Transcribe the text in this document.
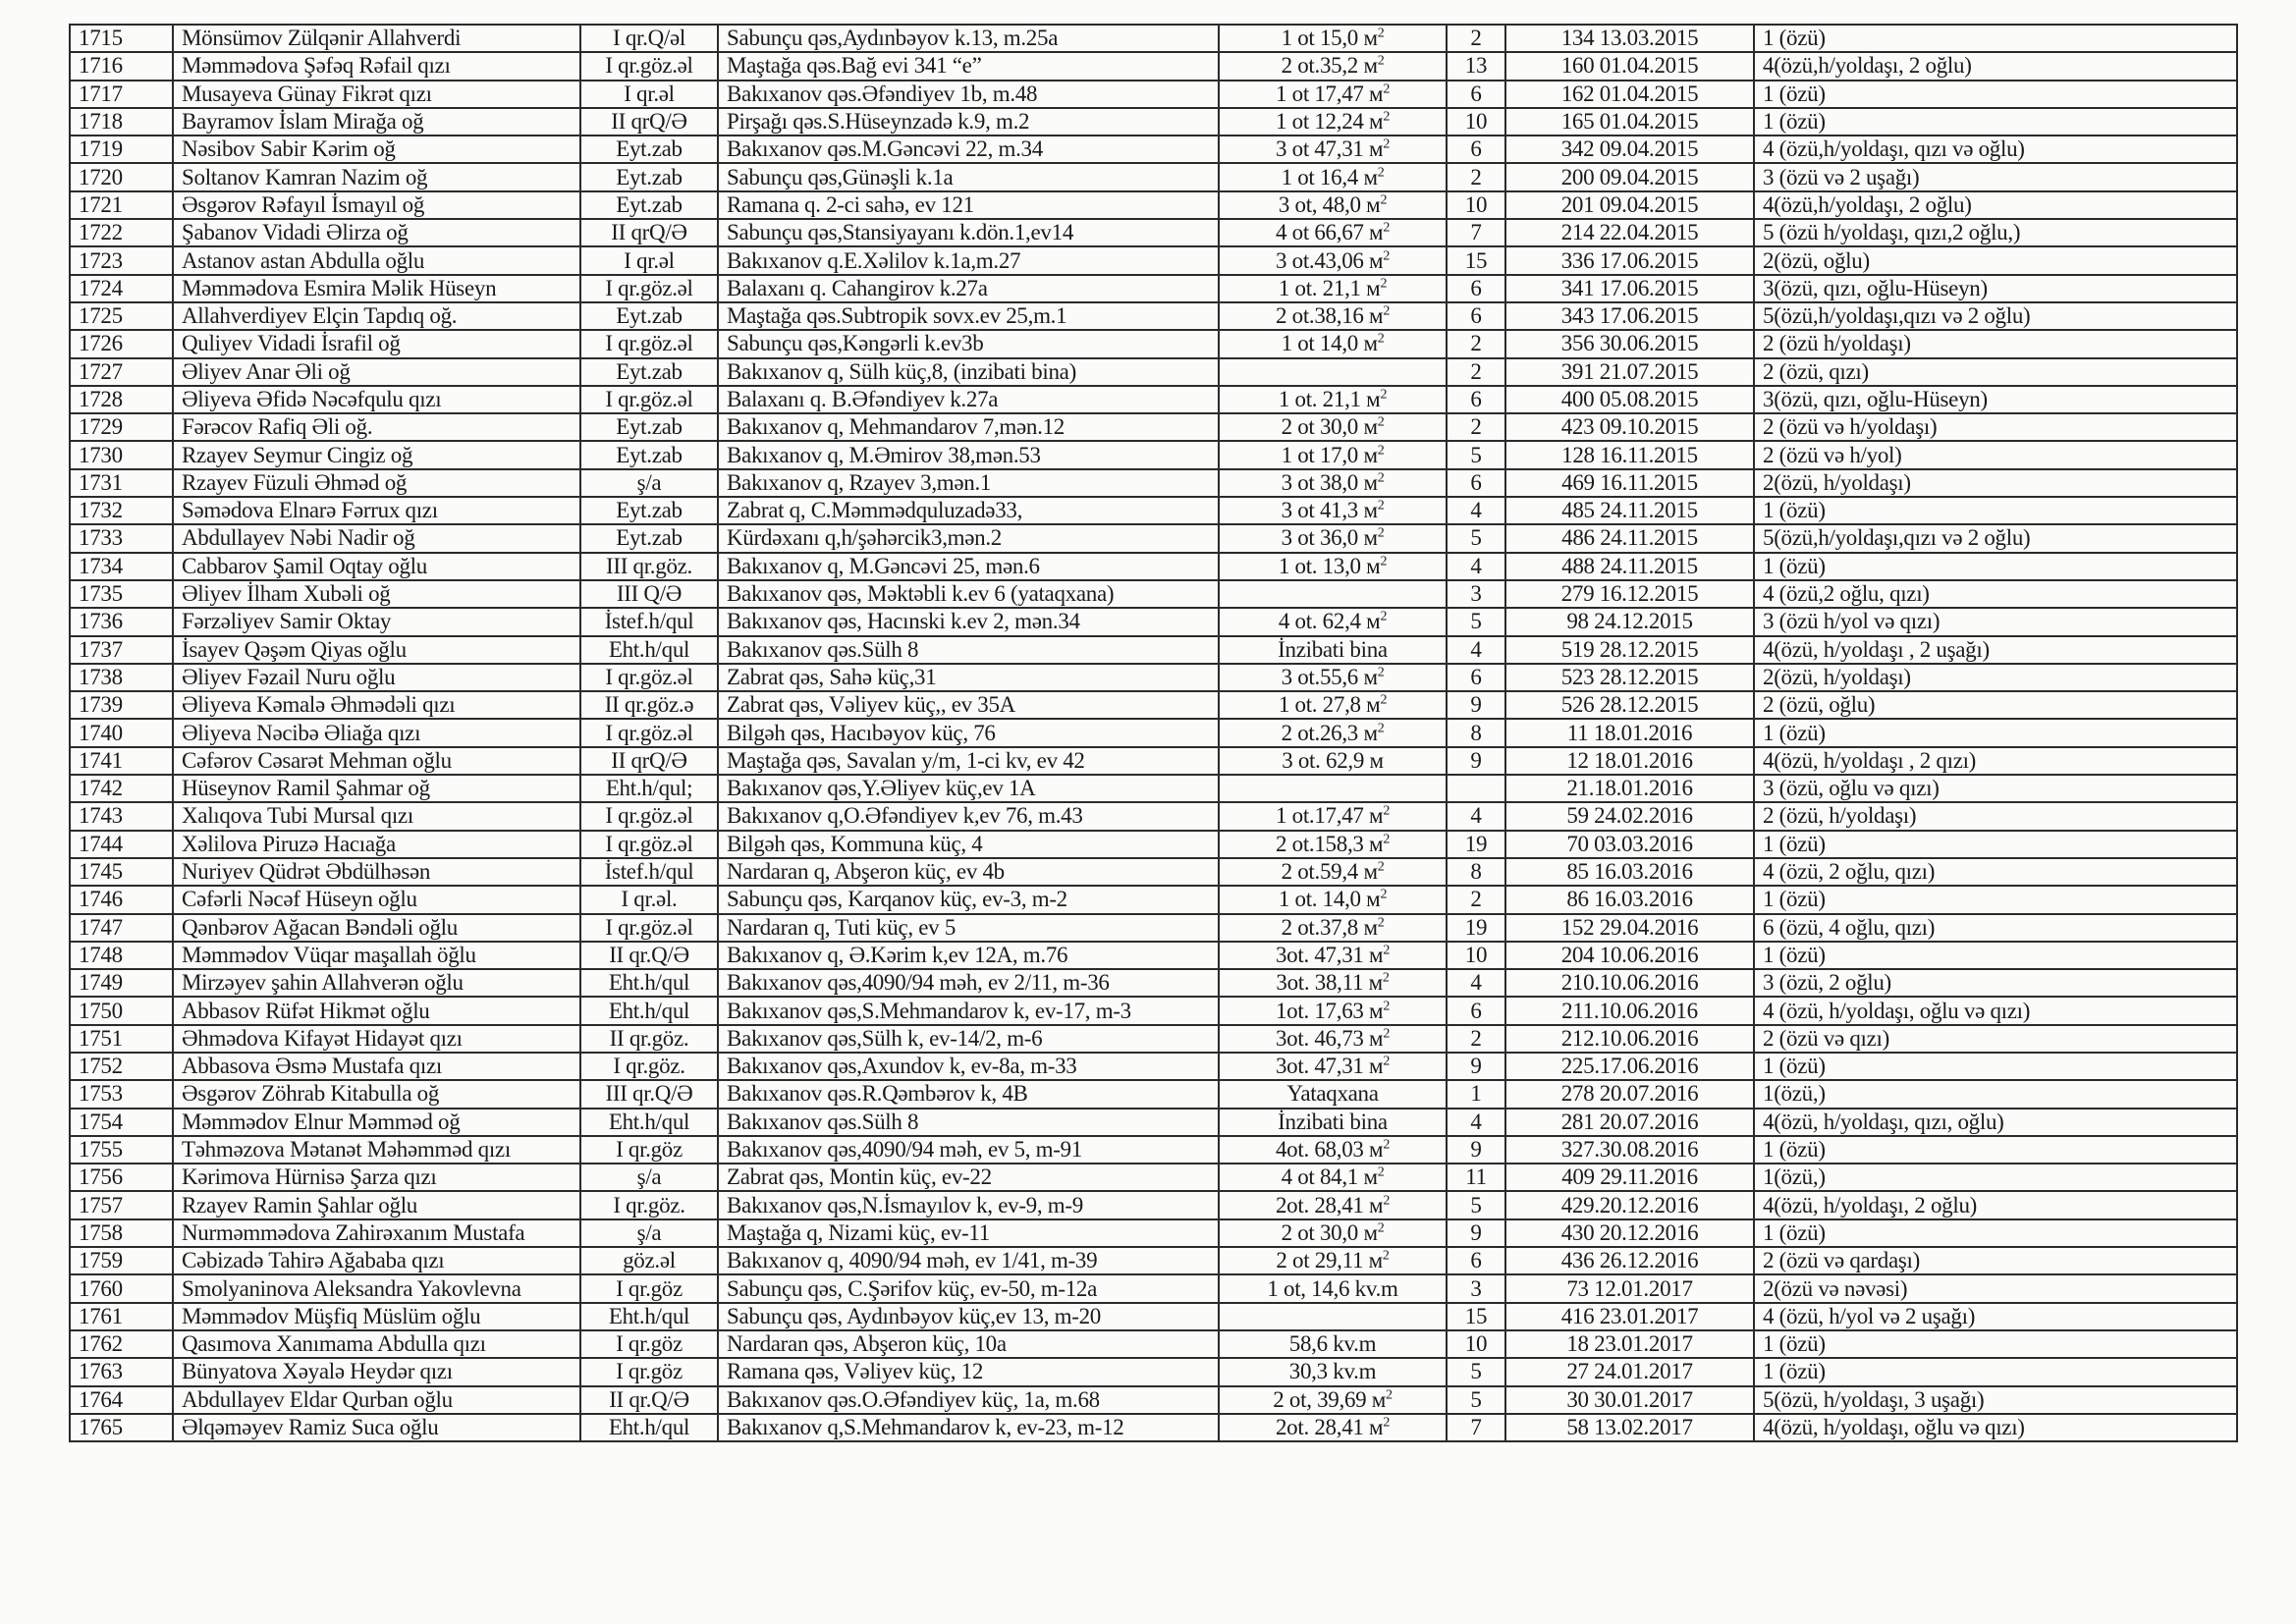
1715	Mönsümov Zülqənir Allahverdi	I qr.Q/əl	Sabunçu qəs,Aydınbəyov k.13, m.25a	1 ot 15,0 $м^2$	2	134 13.03.2015	1 (özü)
1716	Məmmədova Şəfəq Rəfail qızı	I qr.göz.əl	Maştağa qəs.Bağ evi 341 “e”	2 ot.35,2 $м^2$	13	160 01.04.2015	4(özü,h/yoldaşı, 2 oğlu)
1717	Musayeva Günay Fikrət qızı	I qr.əl	Bakıxanov qəs.Əfəndiyev 1b, m.48	1 ot 17,47 $м^2$	6	162 01.04.2015	1 (özü)
1718	Bayramov İslam Mirağa oğ	II qrQ/Ə	Pirşağı qəs.S.Hüseynzadə k.9, m.2	1 ot 12,24 $м^2$	10	165 01.04.2015	1 (özü)
1719	Nəsibov Sabir Kərim oğ	Eyt.zab	Bakıxanov qəs.M.Gəncəvi 22, m.34	3 ot 47,31 $м^2$	6	342 09.04.2015	4 (özü,h/yoldaşı, qızı və oğlu)
1720	Soltanov Kamran Nazim oğ	Eyt.zab	Sabunçu qəs,Günəşli k.1a	1 ot 16,4 $м^2$	2	200 09.04.2015	3 (özü və 2 uşağı)
1721	Əsgərov Rəfayıl İsmayıl oğ	Eyt.zab	Ramana q. 2-ci sahə, ev 121	3 ot, 48,0 $м^2$	10	201 09.04.2015	4(özü,h/yoldaşı, 2 oğlu)
1722	Şabanov Vidadi Əlirza oğ	II qrQ/Ə	Sabunçu qəs,Stansiyayanı k.dön.1,ev14	4 ot 66,67 $м^2$	7	214 22.04.2015	5 (özü h/yoldaşı, qızı,2 oğlu,)
1723	Astanov astan Abdulla oğlu	I qr.əl	Bakıxanov q.E.Xəlilov k.1a,m.27	3 ot.43,06 $м^2$	15	336 17.06.2015	2(özü, oğlu)
1724	Məmmədova Esmira Məlik Hüseyn	I qr.göz.əl	Balaxanı q. Cahangirov k.27a	1 ot. 21,1 $м^2$	6	341 17.06.2015	3(özü, qızı, oğlu-Hüseyn)
1725	Allahverdiyev Elçin Tapdıq oğ.	Eyt.zab	Maştağa qəs.Subtropik sovx.ev 25,m.1	2 ot.38,16 $м^2$	6	343 17.06.2015	5(özü,h/yoldaşı,qızı və 2 oğlu)
1726	Quliyev Vidadi İsrafil oğ	I qr.göz.əl	Sabunçu qəs,Kəngərli k.ev3b	1 ot 14,0 $м^2$	2	356 30.06.2015	2 (özü h/yoldaşı)
1727	Əliyev Anar Əli oğ	Eyt.zab	Bakıxanov q, Sülh küç,8, (inzibati bina)		2	391 21.07.2015	2 (özü, qızı)
1728	Əliyeva Əfidə Nəcəfqulu qızı	I qr.göz.əl	Balaxanı q. B.Əfəndiyev k.27a	1 ot. 21,1 $м^2$	6	400 05.08.2015	3(özü, qızı, oğlu-Hüseyn)
1729	Fərəcov Rafiq Əli oğ.	Eyt.zab	Bakıxanov q, Mehmandarov 7,mən.12	2 ot 30,0 $м^2$	2	423 09.10.2015	2 (özü və h/yoldaşı)
1730	Rzayev Seymur Cingiz oğ	Eyt.zab	Bakıxanov q, M.Əmirov 38,mən.53	1 ot 17,0 $м^2$	5	128 16.11.2015	2 (özü və h/yol)
1731	Rzayev Füzuli Əhməd oğ	ş/a	Bakıxanov q, Rzayev 3,mən.1	3 ot 38,0 $м^2$	6	469 16.11.2015	2(özü, h/yoldaşı)
1732	Səmədova Elnarə Fərrux qızı	Eyt.zab	Zabrat q, C.Məmmədquluzadə33,	3 ot 41,3 $м^2$	4	485 24.11.2015	1 (özü)
1733	Abdullayev Nəbi Nadir oğ	Eyt.zab	Kürdəxanı q,h/şəhərcik3,mən.2	3 ot 36,0 $м^2$	5	486 24.11.2015	5(özü,h/yoldaşı,qızı və 2 oğlu)
1734	Cabbarov Şamil Oqtay oğlu	III qr.göz.	Bakıxanov q, M.Gəncəvi 25, mən.6	1 ot. 13,0 $м^2$	4	488 24.11.2015	1 (özü)
1735	Əliyev İlham Xubəli oğ	III Q/Ə	Bakıxanov qəs, Məktəbli k.ev 6 (yataqxana)		3	279 16.12.2015	4 (özü,2 oğlu, qızı)
1736	Fərzəliyev Samir Oktay	İstef.h/qul	Bakıxanov qəs, Hacınski k.ev 2, mən.34	4 ot. 62,4 $м^2$	5	98 24.12.2015	3 (özü h/yol və qızı)
1737	İsayev Qəşəm Qiyas oğlu	Eht.h/qul	Bakıxanov qəs.Sülh 8	İnzibati bina	4	519 28.12.2015	4(özü, h/yoldaşı , 2 uşağı)
1738	Əliyev Fəzail Nuru oğlu	I qr.göz.əl	Zabrat qəs, Sahə küç,31	3 ot.55,6 $м^2$	6	523 28.12.2015	2(özü, h/yoldaşı)
1739	Əliyeva Kəmalə Əhmədəli qızı	II qr.göz.ə	Zabrat qəs, Vəliyev küç,, ev 35A	1 ot. 27,8 $м^2$	9	526 28.12.2015	2 (özü, oğlu)
1740	Əliyeva Nəcibə Əliağa qızı	I qr.göz.əl	Bilgəh qəs, Hacıbəyov küç, 76	2 ot.26,3 $м^2$	8	11 18.01.2016	1 (özü)
1741	Cəfərov Cəsarət Mehman oğlu	II qrQ/Ə	Maştağa qəs, Savalan y/m, 1-ci kv, ev 42	3 ot. 62,9 м	9	12 18.01.2016	4(özü, h/yoldaşı , 2 qızı)
1742	Hüseynov Ramil Şahmar oğ	Eht.h/qul;	Bakıxanov qəs,Y.Əliyev küç,ev 1A			21.18.01.2016	3 (özü, oğlu və qızı)
1743	Xalıqova Tubi Mursal qızı	I qr.göz.əl	Bakıxanov q,O.Əfəndiyev k,ev 76, m.43	1 ot.17,47 $м^2$	4	59 24.02.2016	2 (özü, h/yoldaşı)
1744	Xəlilova Piruzə Hacıağa	I qr.göz.əl	Bilgəh qəs, Kommuna küç, 4	2 ot.158,3 $м^2$	19	70 03.03.2016	1 (özü)
1745	Nuriyev Qüdrət Əbdülhəsən	İstef.h/qul	Nardaran q, Abşeron küç, ev 4b	2 ot.59,4 $м^2$	8	85 16.03.2016	4 (özü, 2 oğlu, qızı)
1746	Cəfərli Nəcəf Hüseyn oğlu	I qr.əl.	Sabunçu qəs, Karqanov küç, ev-3, m-2	1 ot. 14,0 $м^2$	2	86 16.03.2016	1 (özü)
1747	Qənbərov Ağacan Bəndəli oğlu	I qr.göz.əl	Nardaran q, Tuti küç, ev 5	2 ot.37,8 $м^2$	19	152 29.04.2016	6 (özü, 4 oğlu, qızı)
1748	Məmmədov Vüqar maşallah öğlu	II qr.Q/Ə	Bakıxanov q, Ə.Kərim k,ev 12A, m.76	3ot. 47,31 $м^2$	10	204 10.06.2016	1 (özü)
1749	Mirzəyev şahin Allahverən oğlu	Eht.h/qul	Bakıxanov qəs,4090/94 məh, ev 2/11, m-36	3ot. 38,11 $м^2$	4	210.10.06.2016	3 (özü, 2 oğlu)
1750	Abbasov Rüfət Hikmət oğlu	Eht.h/qul	Bakıxanov qəs,S.Mehmandarov k, ev-17, m-3	1ot. 17,63 $м^2$	6	211.10.06.2016	4 (özü, h/yoldaşı, oğlu və qızı)
1751	Əhmədova Kifayət Hidayət qızı	II qr.göz.	Bakıxanov qəs,Sülh k, ev-14/2, m-6	3ot. 46,73 $м^2$	2	212.10.06.2016	2 (özü və qızı)
1752	Abbasova Əsmə Mustafa qızı	I qr.göz.	Bakıxanov qəs,Axundov k, ev-8a, m-33	3ot. 47,31 $м^2$	9	225.17.06.2016	1 (özü)
1753	Əsgərov Zöhrab Kitabulla oğ	III qr.Q/Ə	Bakıxanov qəs.R.Qəmbərov k, 4B	Yataqxana	1	278 20.07.2016	1(özü,)
1754	Məmmədov Elnur Məmməd oğ	Eht.h/qul	Bakıxanov qəs.Sülh 8	İnzibati bina	4	281 20.07.2016	4(özü, h/yoldaşı, qızı, oğlu)
1755	Təhməzova Mətanət Məhəmməd qızı	I qr.göz	Bakıxanov qəs,4090/94 məh, ev 5, m-91	4ot. 68,03 $м^2$	9	327.30.08.2016	1 (özü)
1756	Kərimova Hürnisə Şarza qızı	ş/a	Zabrat qəs, Montin küç, ev-22	4 ot 84,1 $м^2$	11	409 29.11.2016	1(özü,)
1757	Rzayev Ramin Şahlar oğlu	I qr.göz.	Bakıxanov qəs,N.İsmayılov k, ev-9, m-9	2ot. 28,41 $м^2$	5	429.20.12.2016	4(özü, h/yoldaşı, 2 oğlu)
1758	Nurməmmədova Zahirəxanım Mustafa	ş/a	Maştağa q, Nizami küç, ev-11	2 ot 30,0 $м^2$	9	430 20.12.2016	1 (özü)
1759	Cəbizadə Tahirə Ağababa qızı	göz.əl	Bakıxanov q, 4090/94 məh, ev 1/41, m-39	2 ot 29,11 $м^2$	6	436 26.12.2016	2 (özü və qardaşı)
1760	Smolyaninova Aleksandra Yakovlevna	I qr.göz	Sabunçu qəs, C.Şərifov küç, ev-50, m-12a	1 ot, 14,6 kv.m	3	73 12.01.2017	2(özü və nəvəsi)
1761	Məmmədov Müşfiq Müslüm oğlu	Eht.h/qul	Sabunçu qəs, Aydınbəyov küç,ev 13, m-20		15	416 23.01.2017	4 (özü, h/yol və 2 uşağı)
1762	Qasımova Xanımama Abdulla qızı	I qr.göz	Nardaran qəs, Abşeron küç, 10a	58,6 kv.m	10	18 23.01.2017	1 (özü)
1763	Bünyatova Xəyalə Heydər qızı	I qr.göz	Ramana qəs, Vəliyev küç, 12	30,3 kv.m	5	27 24.01.2017	1 (özü)
1764	Abdullayev Eldar Qurban oğlu	II qr.Q/Ə	Bakıxanov qəs.O.Əfəndiyev küç, 1a, m.68	2 ot, 39,69 $м^2$	5	30 30.01.2017	5(özü, h/yoldaşı, 3 uşağı)
1765	Əlqəməyev Ramiz Suca oğlu	Eht.h/qul	Bakıxanov q,S.Mehmandarov k, ev-23, m-12	2ot. 28,41 $м^2$	7	58 13.02.2017	4(özü, h/yoldaşı, oğlu və qızı)
